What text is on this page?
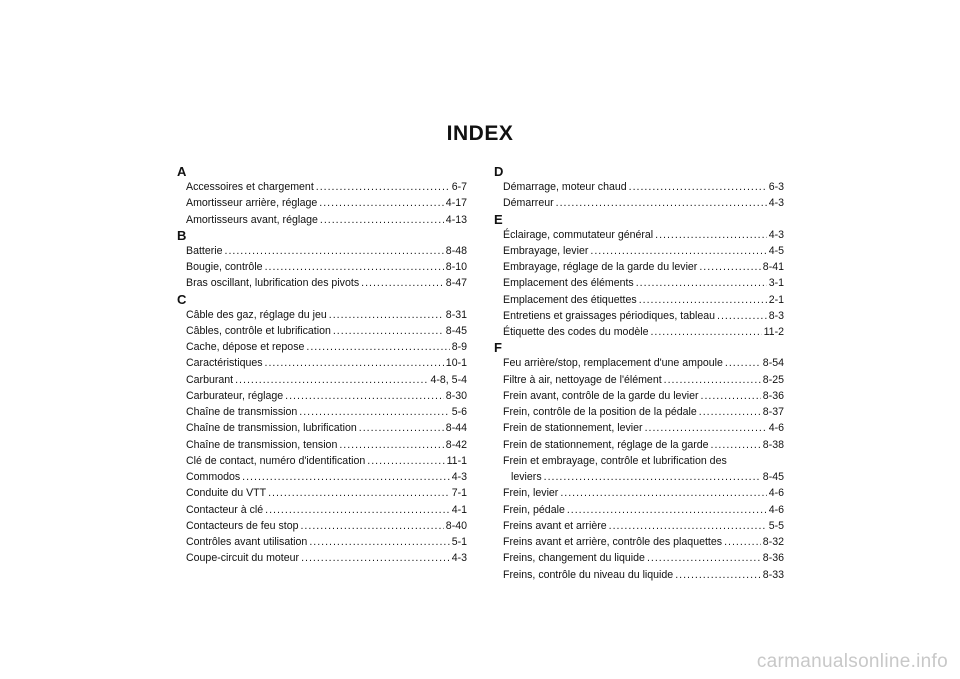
INDEX
A
Accessoires et chargement .....	6-7
Amortisseur arrière, réglage .....	4-17
Amortisseurs avant, réglage .....	4-13
B
Batterie .....	8-48
Bougie, contrôle .....	8-10
Bras oscillant, lubrification des pivots .....	8-47
C
Câble des gaz, réglage du jeu .....	8-31
Câbles, contrôle et lubrification .....	8-45
Cache, dépose et repose .....	8-9
Caractéristiques .....	10-1
Carburant .....	4-8, 5-4
Carburateur, réglage .....	8-30
Chaîne de transmission .....	5-6
Chaîne de transmission, lubrification .....	8-44
Chaîne de transmission, tension .....	8-42
Clé de contact, numéro d'identification .....	11-1
Commodos .....	4-3
Conduite du VTT .....	7-1
Contacteur à clé .....	4-1
Contacteurs de feu stop .....	8-40
Contrôles avant utilisation .....	5-1
Coupe-circuit du moteur .....	4-3
D
Démarrage, moteur chaud .....	6-3
Démarreur .....	4-3
E
Éclairage, commutateur général .....	4-3
Embrayage, levier .....	4-5
Embrayage, réglage de la garde du levier .....	8-41
Emplacement des éléments .....	3-1
Emplacement des étiquettes .....	2-1
Entretiens et graissages périodiques, tableau .....	8-3
Étiquette des codes du modèle .....	11-2
F
Feu arrière/stop, remplacement d'une ampoule .....	8-54
Filtre à air, nettoyage de l'élément .....	8-25
Frein avant, contrôle de la garde du levier .....	8-36
Frein, contrôle de la position de la pédale .....	8-37
Frein de stationnement, levier .....	4-6
Frein de stationnement, réglage de la garde .....	8-38
Frein et embrayage, contrôle et lubrification des
leviers .....	8-45
Frein, levier .....	4-6
Frein, pédale .....	4-6
Freins avant et arrière .....	5-5
Freins avant et arrière, contrôle des plaquettes .....	8-32
Freins, changement du liquide .....	8-36
Freins, contrôle du niveau du liquide .....	8-33
carmanualsonline.info
